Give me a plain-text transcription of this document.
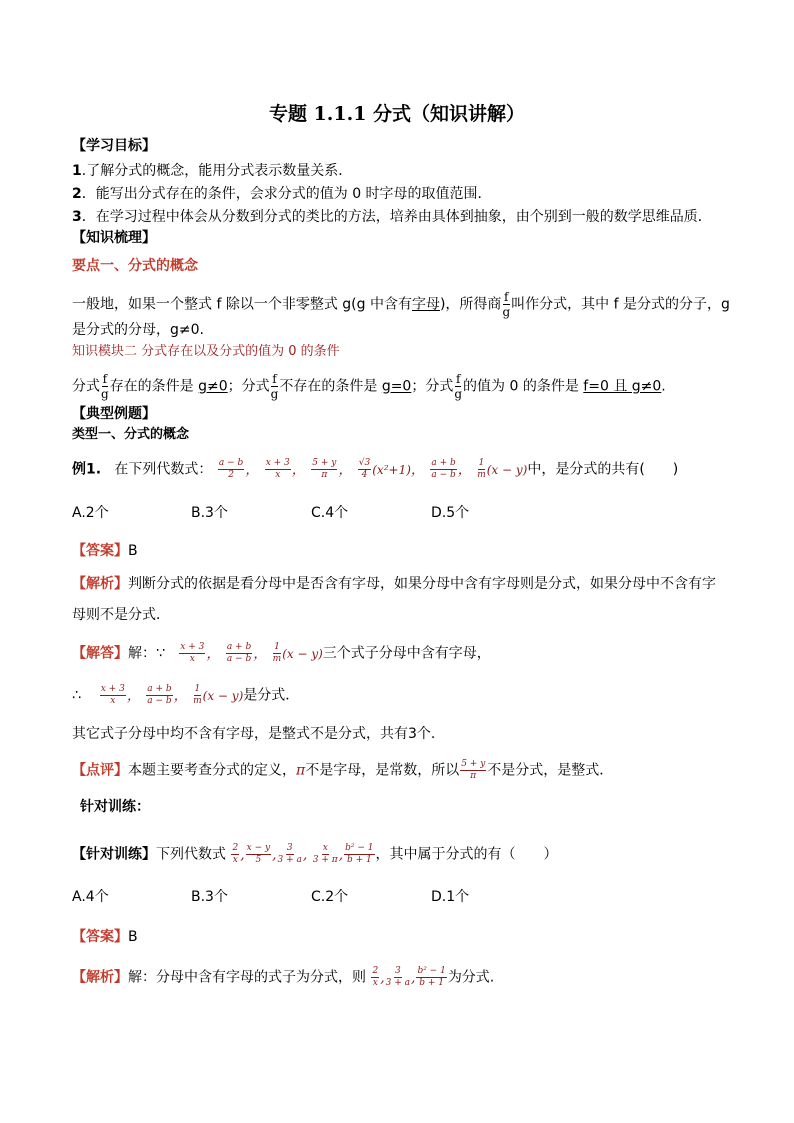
专题 1.1.1 分式（知识讲解）
【学习目标】
1.了解分式的概念，能用分式表示数量关系．
2．能写出分式存在的条件，会求分式的值为 0 时字母的取值范围．
3．在学习过程中体会从分数到分式的类比的方法，培养由具体到抽象，由个别到一般的数学思维品质．
【知识梳理】
要点一、分式的概念
一般地，如果一个整式 f 除以一个非零整式 g(g 中含有字母)，所得商 $\frac{f}{g}$ 叫作分式，其中 f 是分式的分子，g
是分式的分母，g≠0.
知识模块二 分式存在以及分式的值为 0 的条件
分式 $\frac{f}{g}$ 存在的条件是 g≠0；分式 $\frac{f}{g}$ 不存在的条件是 g=0；分式 $\frac{f}{g}$ 的值为 0 的条件是 f=0 且 g≠0.
【典型例题】
类型一、分式的概念
例1. 在下列代数式： $\frac{a - b}{2}$ ， $\frac{x + 3}{x}$ ， $\frac{5 + y}{\pi}$ ， $\frac{√3}{4} (x^2+1)$， $\frac{a + b}{a - b}$ ， $\frac{1}{m} (x - y)$中，是分式的共有(　　)
A.2个	B.3个	C.4个	D.5个
【答案】B
【解析】判断分式的依据是看分母中是否含有字母，如果分母中含有字母则是分式，如果分母中不含有字
母则不是分式．
【解答】解：∵ $\frac{x + 3}{x}$ ， $\frac{a + b}{a - b}$ ， $\frac{1}{m} (x - y)$三个式子分母中含有字母，
∴ $\frac{x + 3}{x}$ ， $\frac{a + b}{a - b}$ ， $\frac{1}{m} (x - y)$是分式．
其它式子分母中均不含有字母，是整式不是分式，共有3个.
【点评】本题主要考查分式的定义，π不是字母，是常数，所以 $\frac{5 + y}{\pi}$ 不是分式，是整式．
针对训练：
【针对训练】下列代数式 $\frac{2}{x}$ , $\frac{x - y}{5}$ , $\frac{3}{3 + a}$ , $\frac{x}{3 + \pi}$ , $\frac{\text{b² − 1}}{b + 1}$ ，其中属于分式的有（　　）
A.4个	B.3个	C.2个	D.1个
【答案】B
【解析】解：分母中含有字母的式子为分式，则 $\frac{2}{x}$ , $\frac{3}{3 + a}$ , $\frac{\text{b² − 1}}{b + 1}$ 为分式.
